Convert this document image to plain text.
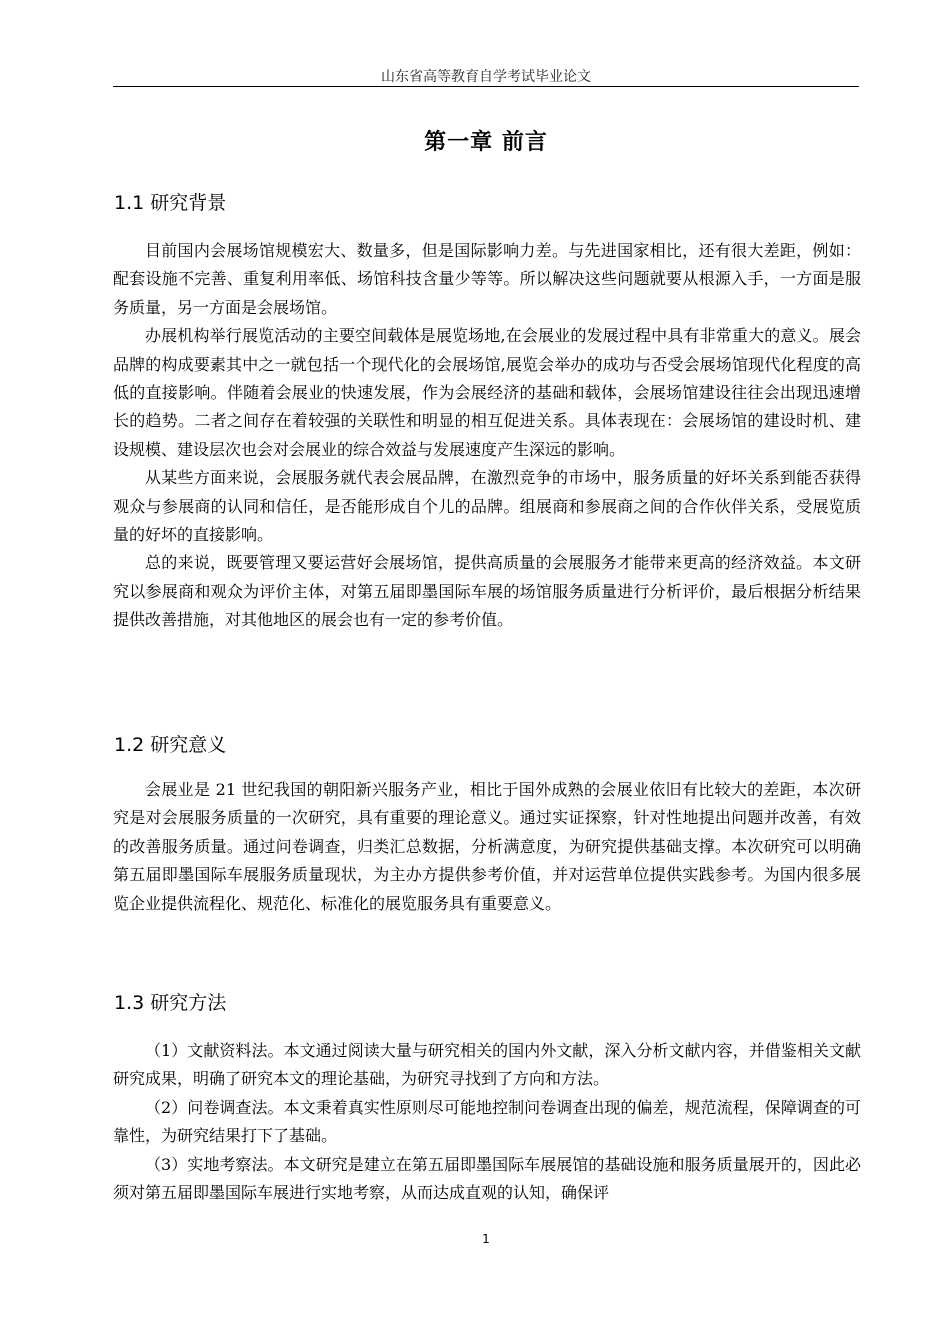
山东省高等教育自学考试毕业论文
第一章 前言
1.1 研究背景

目前国内会展场馆规模宏大、数量多，但是国际影响力差。与先进国家相比，还有很大差距，例如：配套设施不完善、重复利用率低、场馆科技含量少等等。所以解决这些问题就要从根源入手，一方面是服务质量，另一方面是会展场馆。

办展机构举行展览活动的主要空间载体是展览场地,在会展业的发展过程中具有非常重大的意义。展会品牌的构成要素其中之一就包括一个现代化的会展场馆,展览会举办的成功与否受会展场馆现代化程度的高低的直接影响。伴随着会展业的快速发展，作为会展经济的基础和载体，会展场馆建设往往会出现迅速增长的趋势。二者之间存在着较强的关联性和明显的相互促进关系。具体表现在：会展场馆的建设时机、建设规模、建设层次也会对会展业的综合效益与发展速度产生深远的影响。

从某些方面来说，会展服务就代表会展品牌，在激烈竞争的市场中，服务质量的好坏关系到能否获得观众与参展商的认同和信任，是否能形成自个儿的品牌。组展商和参展商之间的合作伙伴关系，受展览质量的好坏的直接影响。

总的来说，既要管理又要运营好会展场馆，提供高质量的会展服务才能带来更高的经济效益。本文研究以参展商和观众为评价主体，对第五届即墨国际车展的场馆服务质量进行分析评价，最后根据分析结果提供改善措施，对其他地区的展会也有一定的参考价值。

1.2 研究意义

会展业是 21 世纪我国的朝阳新兴服务产业，相比于国外成熟的会展业依旧有比较大的差距，本次研究是对会展服务质量的一次研究，具有重要的理论意义。通过实证探察，针对性地提出问题并改善，有效的改善服务质量。通过问卷调查，归类汇总数据，分析满意度，为研究提供基础支撑。本次研究可以明确第五届即墨国际车展服务质量现状，为主办方提供参考价值，并对运营单位提供实践参考。为国内很多展览企业提供流程化、规范化、标准化的展览服务具有重要意义。

1.3 研究方法

（1）文献资料法。本文通过阅读大量与研究相关的国内外文献，深入分析文献内容，并借鉴相关文献研究成果，明确了研究本文的理论基础，为研究寻找到了方向和方法。

（2）问卷调查法。本文秉着真实性原则尽可能地控制问卷调查出现的偏差，规范流程，保障调查的可靠性，为研究结果打下了基础。

（3）实地考察法。本文研究是建立在第五届即墨国际车展展馆的基础设施和服务质量展开的，因此必须对第五届即墨国际车展进行实地考察，从而达成直观的认知，确保评

1
